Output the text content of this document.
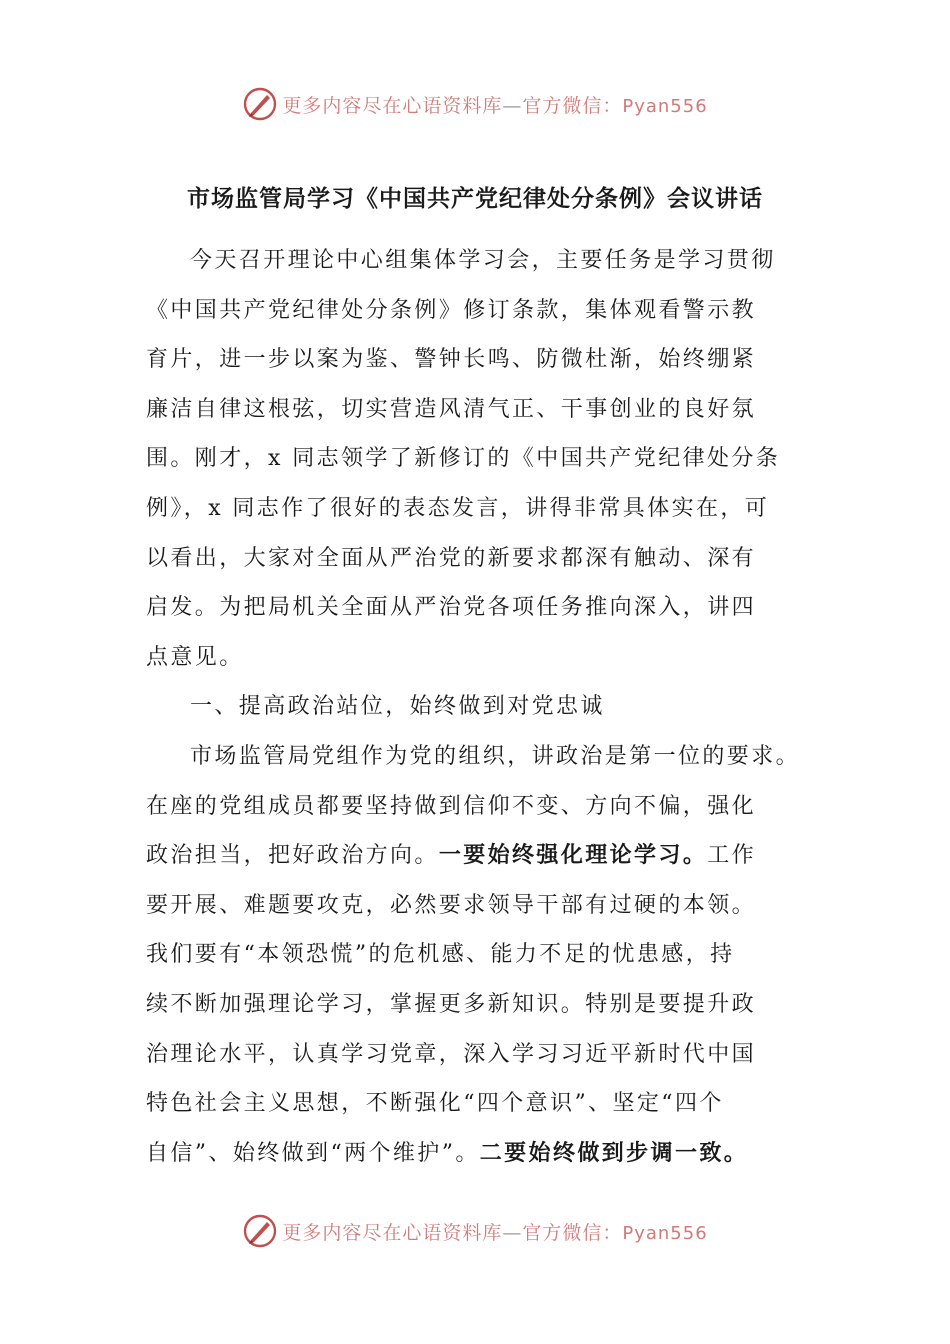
更多内容尽在心语资料库—官方微信：Pyan556
市场监管局学习《中国共产党纪律处分条例》会议讲话
今天召开理论中心组集体学习会，主要任务是学习贯彻
《中国共产党纪律处分条例》修订条款，集体观看警示教
育片，进一步以案为鉴、警钟长鸣、防微杜渐，始终绷紧
廉洁自律这根弦，切实营造风清气正、干事创业的良好氛
围。刚才，x 同志领学了新修订的《中国共产党纪律处分条
例》，x 同志作了很好的表态发言，讲得非常具体实在，可
以看出，大家对全面从严治党的新要求都深有触动、深有
启发。为把局机关全面从严治党各项任务推向深入，讲四
点意见。
一、提高政治站位，始终做到对党忠诚
市场监管局党组作为党的组织，讲政治是第一位的要求。
在座的党组成员都要坚持做到信仰不变、方向不偏，强化
政治担当，把好政治方向。一要始终强化理论学习。工作
要开展、难题要攻克，必然要求领导干部有过硬的本领。
我们要有“本领恐慌”的危机感、能力不足的忧患感，持
续不断加强理论学习，掌握更多新知识。特别是要提升政
治理论水平，认真学习党章，深入学习习近平新时代中国
特色社会主义思想，不断强化“四个意识”、坚定“四个
自信”、始终做到“两个维护”。二要始终做到步调一致。
更多内容尽在心语资料库—官方微信：Pyan556
